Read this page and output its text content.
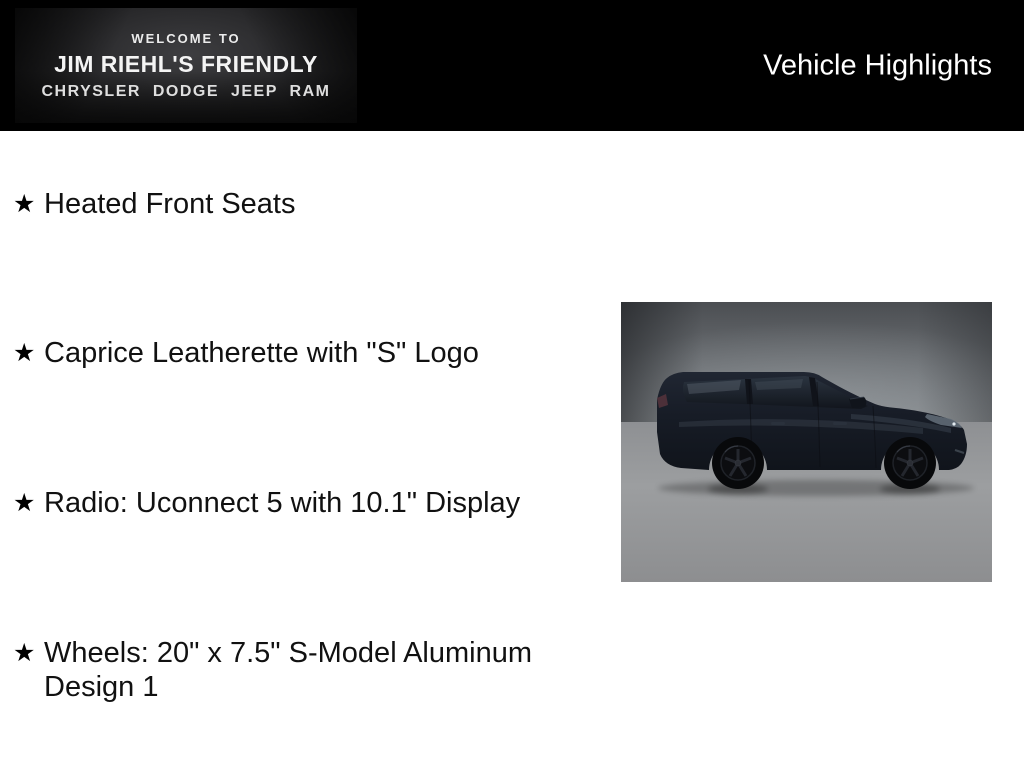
WELCOME TO
JIM RIEHL'S FRIENDLY
CHRYSLER DODGE JEEP RAM
Vehicle Highlights
★ Heated Front Seats
★ Caprice Leatherette with "S" Logo
★ Radio: Uconnect 5 with 10.1" Display
★ Wheels: 20" x 7.5" S-Model Aluminum Design 1
